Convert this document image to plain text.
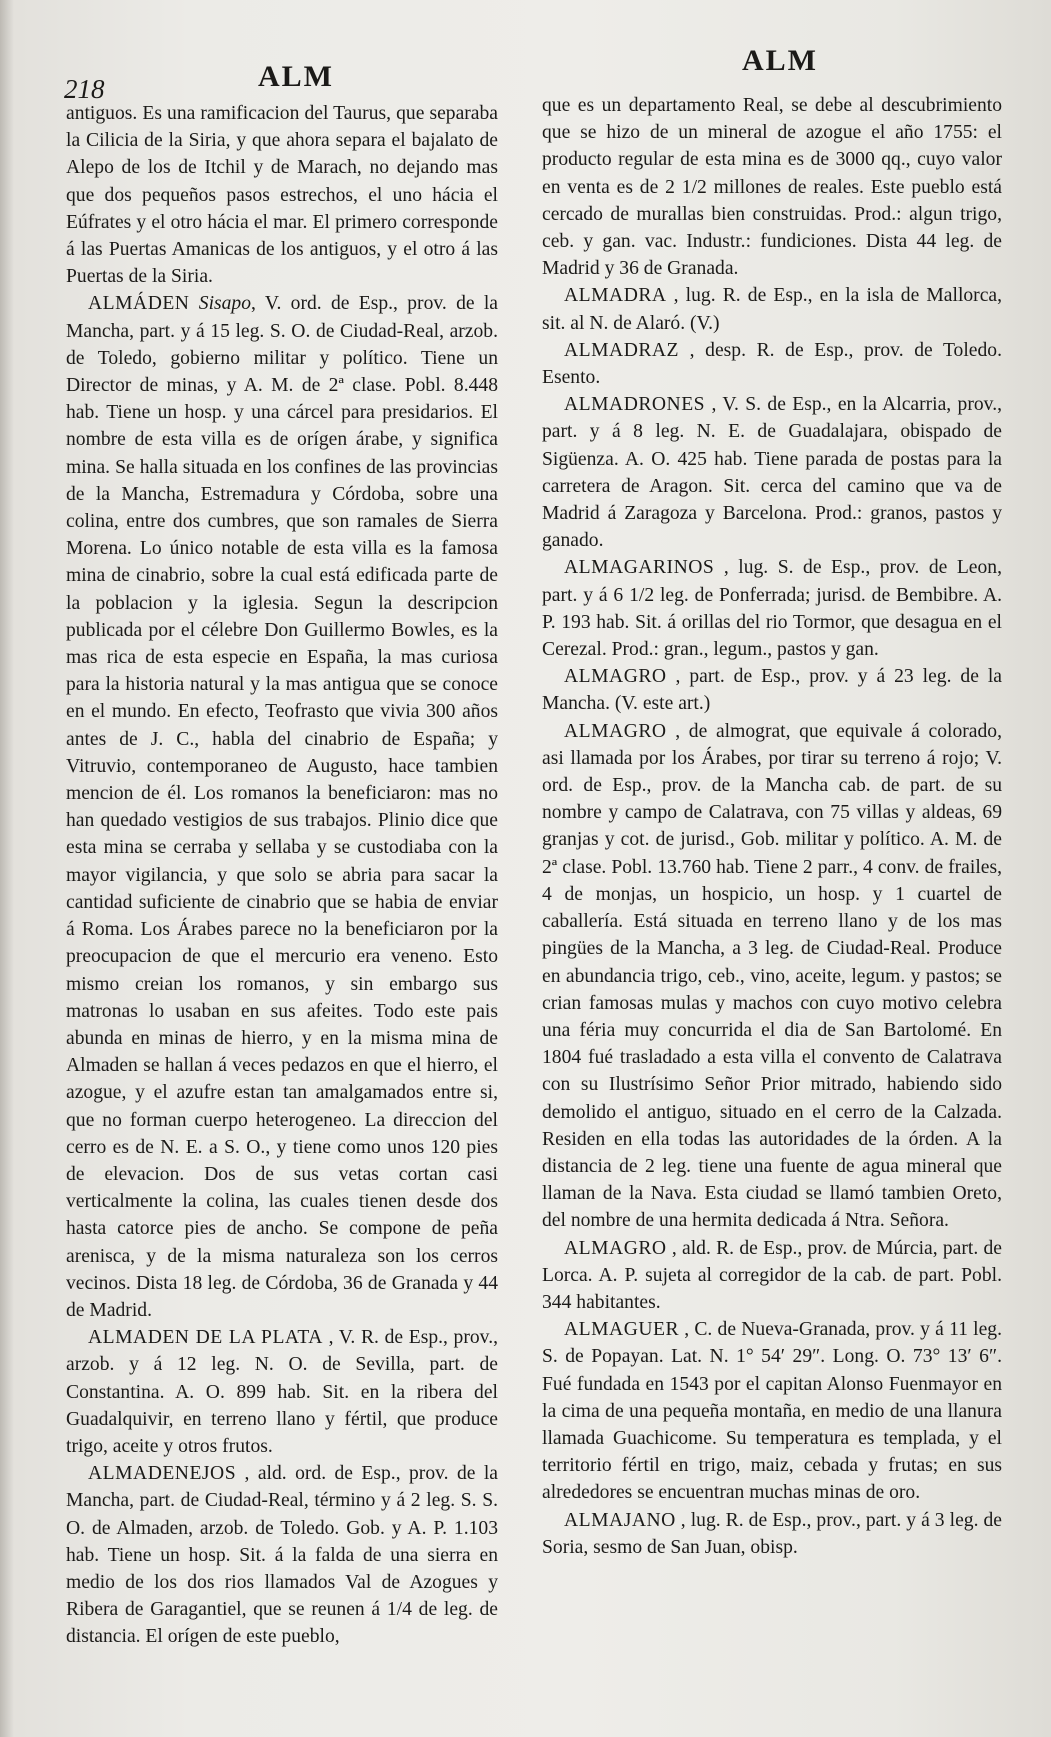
218	ALM	ALM

antiguos. Es una ramificacion del Taurus, que separaba la Cilicia de la Siria, y que ahora separa el bajalato de Alepo de los de Itchil y de Marach, no dejando mas que dos pequeños pasos estrechos, el uno hácia el Eúfrates y el otro hácia el mar. El primero corresponde á las Puertas Amanicas de los antiguos, y el otro á las Puertas de la Siria.

ALMÁDEN Sisapo, V. ord. de Esp., prov. de la Mancha, part. y á 15 leg. S. O. de Ciudad-Real, arzob. de Toledo, gobierno militar y político. Tiene un Director de minas, y A. M. de 2ª clase. Pobl. 8.448 hab. Tiene un hosp. y una cárcel para presidarios. El nombre de esta villa es de orígen árabe, y significa mina. Se halla situada en los confines de las provincias de la Mancha, Estremadura y Córdoba, sobre una colina, entre dos cumbres, que son ramales de Sierra Morena. Lo único notable de esta villa es la famosa mina de cinabrio, sobre la cual está edificada parte de la poblacion y la iglesia. Segun la descripcion publicada por el célebre Don Guillermo Bowles, es la mas rica de esta especie en España, la mas curiosa para la historia natural y la mas antigua que se conoce en el mundo. En efecto, Teofrasto que vivia 300 años antes de J. C., habla del cinabrio de España; y Vitruvio, contemporaneo de Augusto, hace tambien mencion de él. Los romanos la beneficiaron: mas no han quedado vestigios de sus trabajos. Plinio dice que esta mina se cerraba y sellaba y se custodiaba con la mayor vigilancia, y que solo se abria para sacar la cantidad suficiente de cinabrio que se habia de enviar á Roma. Los Árabes parece no la beneficiaron por la preocupacion de que el mercurio era veneno. Esto mismo creian los romanos, y sin embargo sus matronas lo usaban en sus afeites. Todo este pais abunda en minas de hierro, y en la misma mina de Almaden se hallan á veces pedazos en que el hierro, el azogue, y el azufre estan tan amalgamados entre si, que no forman cuerpo heterogeneo. La direccion del cerro es de N. E. a S. O., y tiene como unos 120 pies de elevacion. Dos de sus vetas cortan casi verticalmente la colina, las cuales tienen desde dos hasta catorce pies de ancho. Se compone de peña arenisca, y de la misma naturaleza son los cerros vecinos. Dista 18 leg. de Córdoba, 36 de Granada y 44 de Madrid.

ALMADEN DE LA PLATA , V. R. de Esp., prov., arzob. y á 12 leg. N. O. de Sevilla, part. de Constantina. A. O. 899 hab. Sit. en la ribera del Guadalquivir, en terreno llano y fértil, que produce trigo, aceite y otros frutos.

ALMADENEJOS , ald. ord. de Esp., prov. de la Mancha, part. de Ciudad-Real, término y á 2 leg. S. S. O. de Almaden, arzob. de Toledo. Gob. y A. P. 1.103 hab. Tiene un hosp. Sit. á la falda de una sierra en medio de los dos rios llamados Val de Azogues y Ribera de Garagantiel, que se reunen á 1/4 de leg. de distancia. El orígen de este pueblo,

que es un departamento Real, se debe al descubrimiento que se hizo de un mineral de azogue el año 1755: el producto regular de esta mina es de 3000 qq., cuyo valor en venta es de 2 1/2 millones de reales. Este pueblo está cercado de murallas bien construidas. Prod.: algun trigo, ceb. y gan. vac. Industr.: fundiciones. Dista 44 leg. de Madrid y 36 de Granada.

ALMADRA , lug. R. de Esp., en la isla de Mallorca, sit. al N. de Alaró. (V.)

ALMADRAZ , desp. R. de Esp., prov. de Toledo. Esento.

ALMADRONES , V. S. de Esp., en la Alcarria, prov., part. y á 8 leg. N. E. de Guadalajara, obispado de Sigüenza. A. O. 425 hab. Tiene parada de postas para la carretera de Aragon. Sit. cerca del camino que va de Madrid á Zaragoza y Barcelona. Prod.: granos, pastos y ganado.

ALMAGARINOS , lug. S. de Esp., prov. de Leon, part. y á 6 1/2 leg. de Ponferrada; jurisd. de Bembibre. A. P. 193 hab. Sit. á orillas del rio Tormor, que desagua en el Cerezal. Prod.: gran., legum., pastos y gan.

ALMAGRO , part. de Esp., prov. y á 23 leg. de la Mancha. (V. este art.)

ALMAGRO , de almograt, que equivale á colorado, asi llamada por los Árabes, por tirar su terreno á rojo; V. ord. de Esp., prov. de la Mancha cab. de part. de su nombre y campo de Calatrava, con 75 villas y aldeas, 69 granjas y cot. de jurisd., Gob. militar y político. A. M. de 2ª clase. Pobl. 13.760 hab. Tiene 2 parr., 4 conv. de frailes, 4 de monjas, un hospicio, un hosp. y 1 cuartel de caballería. Está situada en terreno llano y de los mas pingües de la Mancha, a 3 leg. de Ciudad-Real. Produce en abundancia trigo, ceb., vino, aceite, legum. y pastos; se crian famosas mulas y machos con cuyo motivo celebra una féria muy concurrida el dia de San Bartolomé. En 1804 fué trasladado a esta villa el convento de Calatrava con su Ilustrísimo Señor Prior mitrado, habiendo sido demolido el antiguo, situado en el cerro de la Calzada. Residen en ella todas las autoridades de la órden. A la distancia de 2 leg. tiene una fuente de agua mineral que llaman de la Nava. Esta ciudad se llamó tambien Oreto, del nombre de una hermita dedicada á Ntra. Señora.

ALMAGRO , ald. R. de Esp., prov. de Múrcia, part. de Lorca. A. P. sujeta al corregidor de la cab. de part. Pobl. 344 habitantes.

ALMAGUER , C. de Nueva-Granada, prov. y á 11 leg. S. de Popayan. Lat. N. 1° 54′ 29″. Long. O. 73° 13′ 6″. Fué fundada en 1543 por el capitan Alonso Fuenmayor en la cima de una pequeña montaña, en medio de una llanura llamada Guachicome. Su temperatura es templada, y el territorio fértil en trigo, maiz, cebada y frutas; en sus alrededores se encuentran muchas minas de oro.

ALMAJANO , lug. R. de Esp., prov., part. y á 3 leg. de Soria, sesmo de San Juan, obisp.
